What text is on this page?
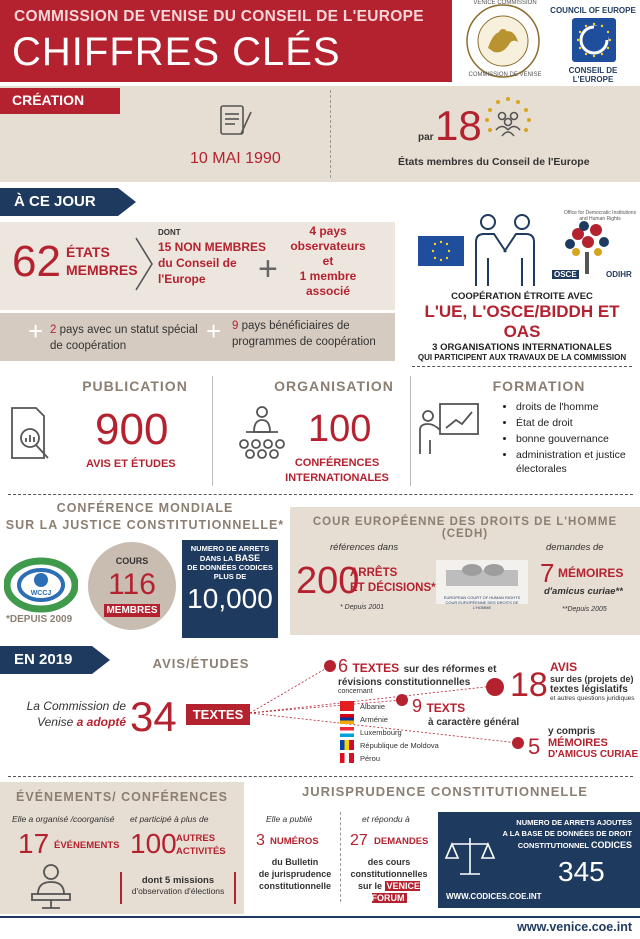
COMMISSION DE VENISE DU CONSEIL DE L'EUROPE
CHIFFRES CLÉS
VENICE COMMISSION
COMMISSION DE VENISE
COUNCIL OF EUROPE
CONSEIL DE L'EUROPE
CRÉATION
10 MAI 1990
par 18
États membres du Conseil de l'Europe
À CE JOUR
62 ÉTATS
MEMBRES
DONT
15 NON MEMBRES
du Conseil de
l'Europe +
4 pays
observateurs
et
1 membre
associé
+ 2 pays avec un statut spécial
de coopération	+ 9 pays bénéficiaires de
programmes de coopération
Office for Democratic Institutions and Human Rights
OSCE	ODIHR
COOPÉRATION ÉTROITE AVEC
L'UE, L'OSCE/BIDDH ET OAS
3 ORGANISATIONS INTERNATIONALES
QUI PARTICIPENT AUX TRAVAUX DE LA COMMISSION
PUBLICATION
900
AVIS ET ÉTUDES
ORGANISATION
100
CONFÉRENCES
INTERNATIONALES
FORMATION
• droits de l'homme
• État de droit
• bonne gouvernance
• administration et justice électorales
CONFÉRENCE MONDIALE
SUR LA JUSTICE CONSTITUTIONNELLE*
WCCJ
*DEPUIS 2009
COURS
116
MEMBRES
NUMERO DE ARRETS
DANS LA BASE
DE DONNÉES CODICES
PLUS DE
10,000
COUR EUROPÉENNE DES DROITS DE L'HOMME (CEDH)
références dans
200
ARRÊTS
ET DÉCISIONS*
* Depuis 2001
EUROPEAN COURT OF HUMAN RIGHTS
COUR EUROPÉENNE DES DROITS DE L'HOMME
demandes de
7 MÉMOIRES
d'amicus curiae**
**Depuis 2005
EN 2019	AVIS/ÉTUDES
La Commission de
Venise a adopté 34	TEXTES
6 TEXTES sur des réformes et
révisions constitutionnelles
concernant
Albanie
Arménie
Luxembourg
République de Moldova
Pérou
9 TEXTS
à caractère général
18 AVIS
sur des (projets de)
textes législatifs
et autres questions juridiques
5
y compris
MÉMOIRES
D'AMICUS CURIAE
ÉVÉNEMENTS/ CONFÉRENCES
Elle a organisé /coorganisé
17 ÉVÉNEMENTS
et participé à plus de
100 AUTRES
ACTIVITÉS
dont 5 missions
d'observation d'élections
JURISPRUDENCE CONSTITUTIONNELLE
Elle a publié
3 NUMÉROS
du Bulletin
de jurisprudence
constitutionnelle
et répondu à
27 DEMANDES
des cours
constitutionnelles
sur le VENICE FORUM
NUMERO DE ARRETS AJOUTES
A LA BASE DE DONNÉES DE DROIT
CONSTITUTIONNEL CODICES
345
WWW.CODICES.COE.INT
www.venice.coe.int
